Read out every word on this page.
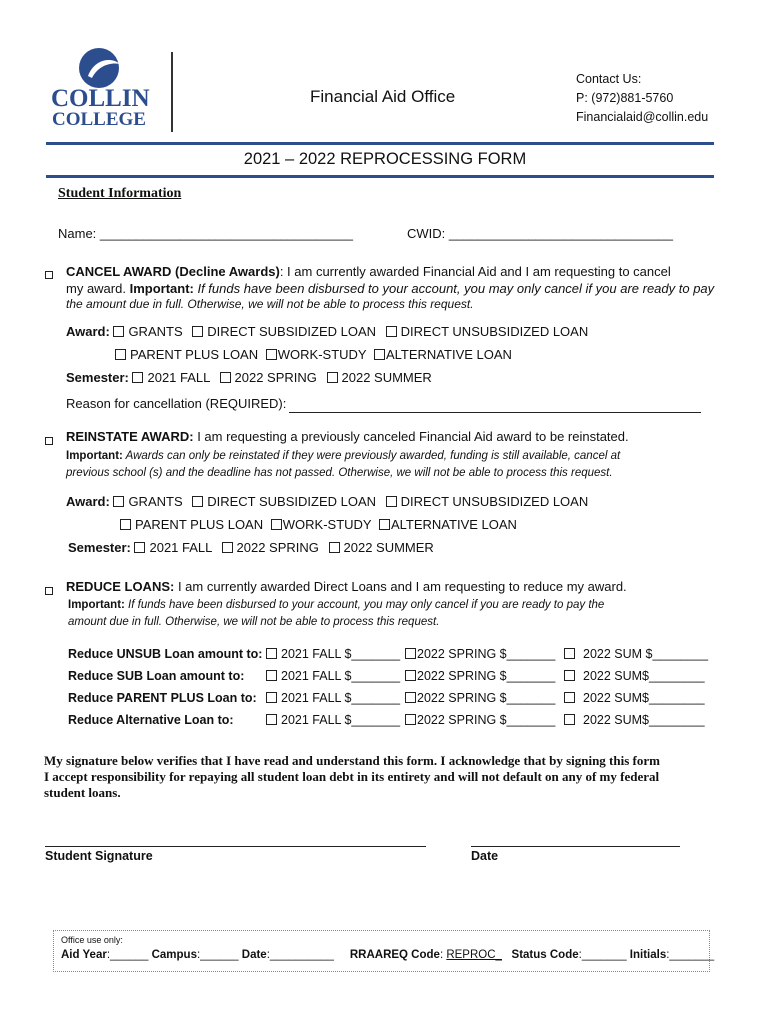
COLLIN
COLLEGE
Financial Aid Office
Contact Us:
P: (972)881-5760
Financialaid@collin.edu
2021 – 2022 REPROCESSING FORM
Student Information
Name: ___________________________________	CWID: _______________________________
CANCEL AWARD (Decline Awards): I am currently awarded Financial Aid and I am requesting to cancel
my award. Important: If funds have been disbursed to your account, you may only cancel if you are ready to pay
the amount due in full. Otherwise, we will not be able to process this request.
Award: GRANTS DIRECT SUBSIDIZED LOAN DIRECT UNSUBSIDIZED LOAN
PARENT PLUS LOAN WORK-STUDY ALTERNATIVE LOAN
Semester: 2021 FALL 2022 SPRING 2022 SUMMER
Reason for cancellation (REQUIRED):
REINSTATE AWARD: I am requesting a previously canceled Financial Aid award to be reinstated.
Important: Awards can only be reinstated if they were previously awarded, funding is still available, cancel at
previous school (s) and the deadline has not passed. Otherwise, we will not be able to process this request.
Award: GRANTS DIRECT SUBSIDIZED LOAN DIRECT UNSUBSIDIZED LOAN
PARENT PLUS LOAN WORK-STUDY ALTERNATIVE LOAN
Semester: 2021 FALL 2022 SPRING 2022 SUMMER
REDUCE LOANS: I am currently awarded Direct Loans and I am requesting to reduce my award.
Important: If funds have been disbursed to your account, you may only cancel if you are ready to pay the
amount due in full. Otherwise, we will not be able to process this request.
Reduce UNSUB Loan amount to:	2021 FALL $_______	2022 SPRING $_______	2022 SUM $________
Reduce SUB Loan amount to:	2021 FALL $_______	2022 SPRING $_______	2022 SUM$________
Reduce PARENT PLUS Loan to:	2021 FALL $_______	2022 SPRING $_______	2022 SUM$________
Reduce Alternative Loan to:	2021 FALL $_______	2022 SPRING $_______	2022 SUM$________
My signature below verifies that I have read and understand this form. I acknowledge that by signing this form
I accept responsibility for repaying all student loan debt in its entirety and will not default on any of my federal
student loans.
Student Signature	Date
Office use only:
Aid Year:______ Campus:______ Date:__________ RRAAREQ Code: REPROC_ Status Code:_______ Initials:_______
